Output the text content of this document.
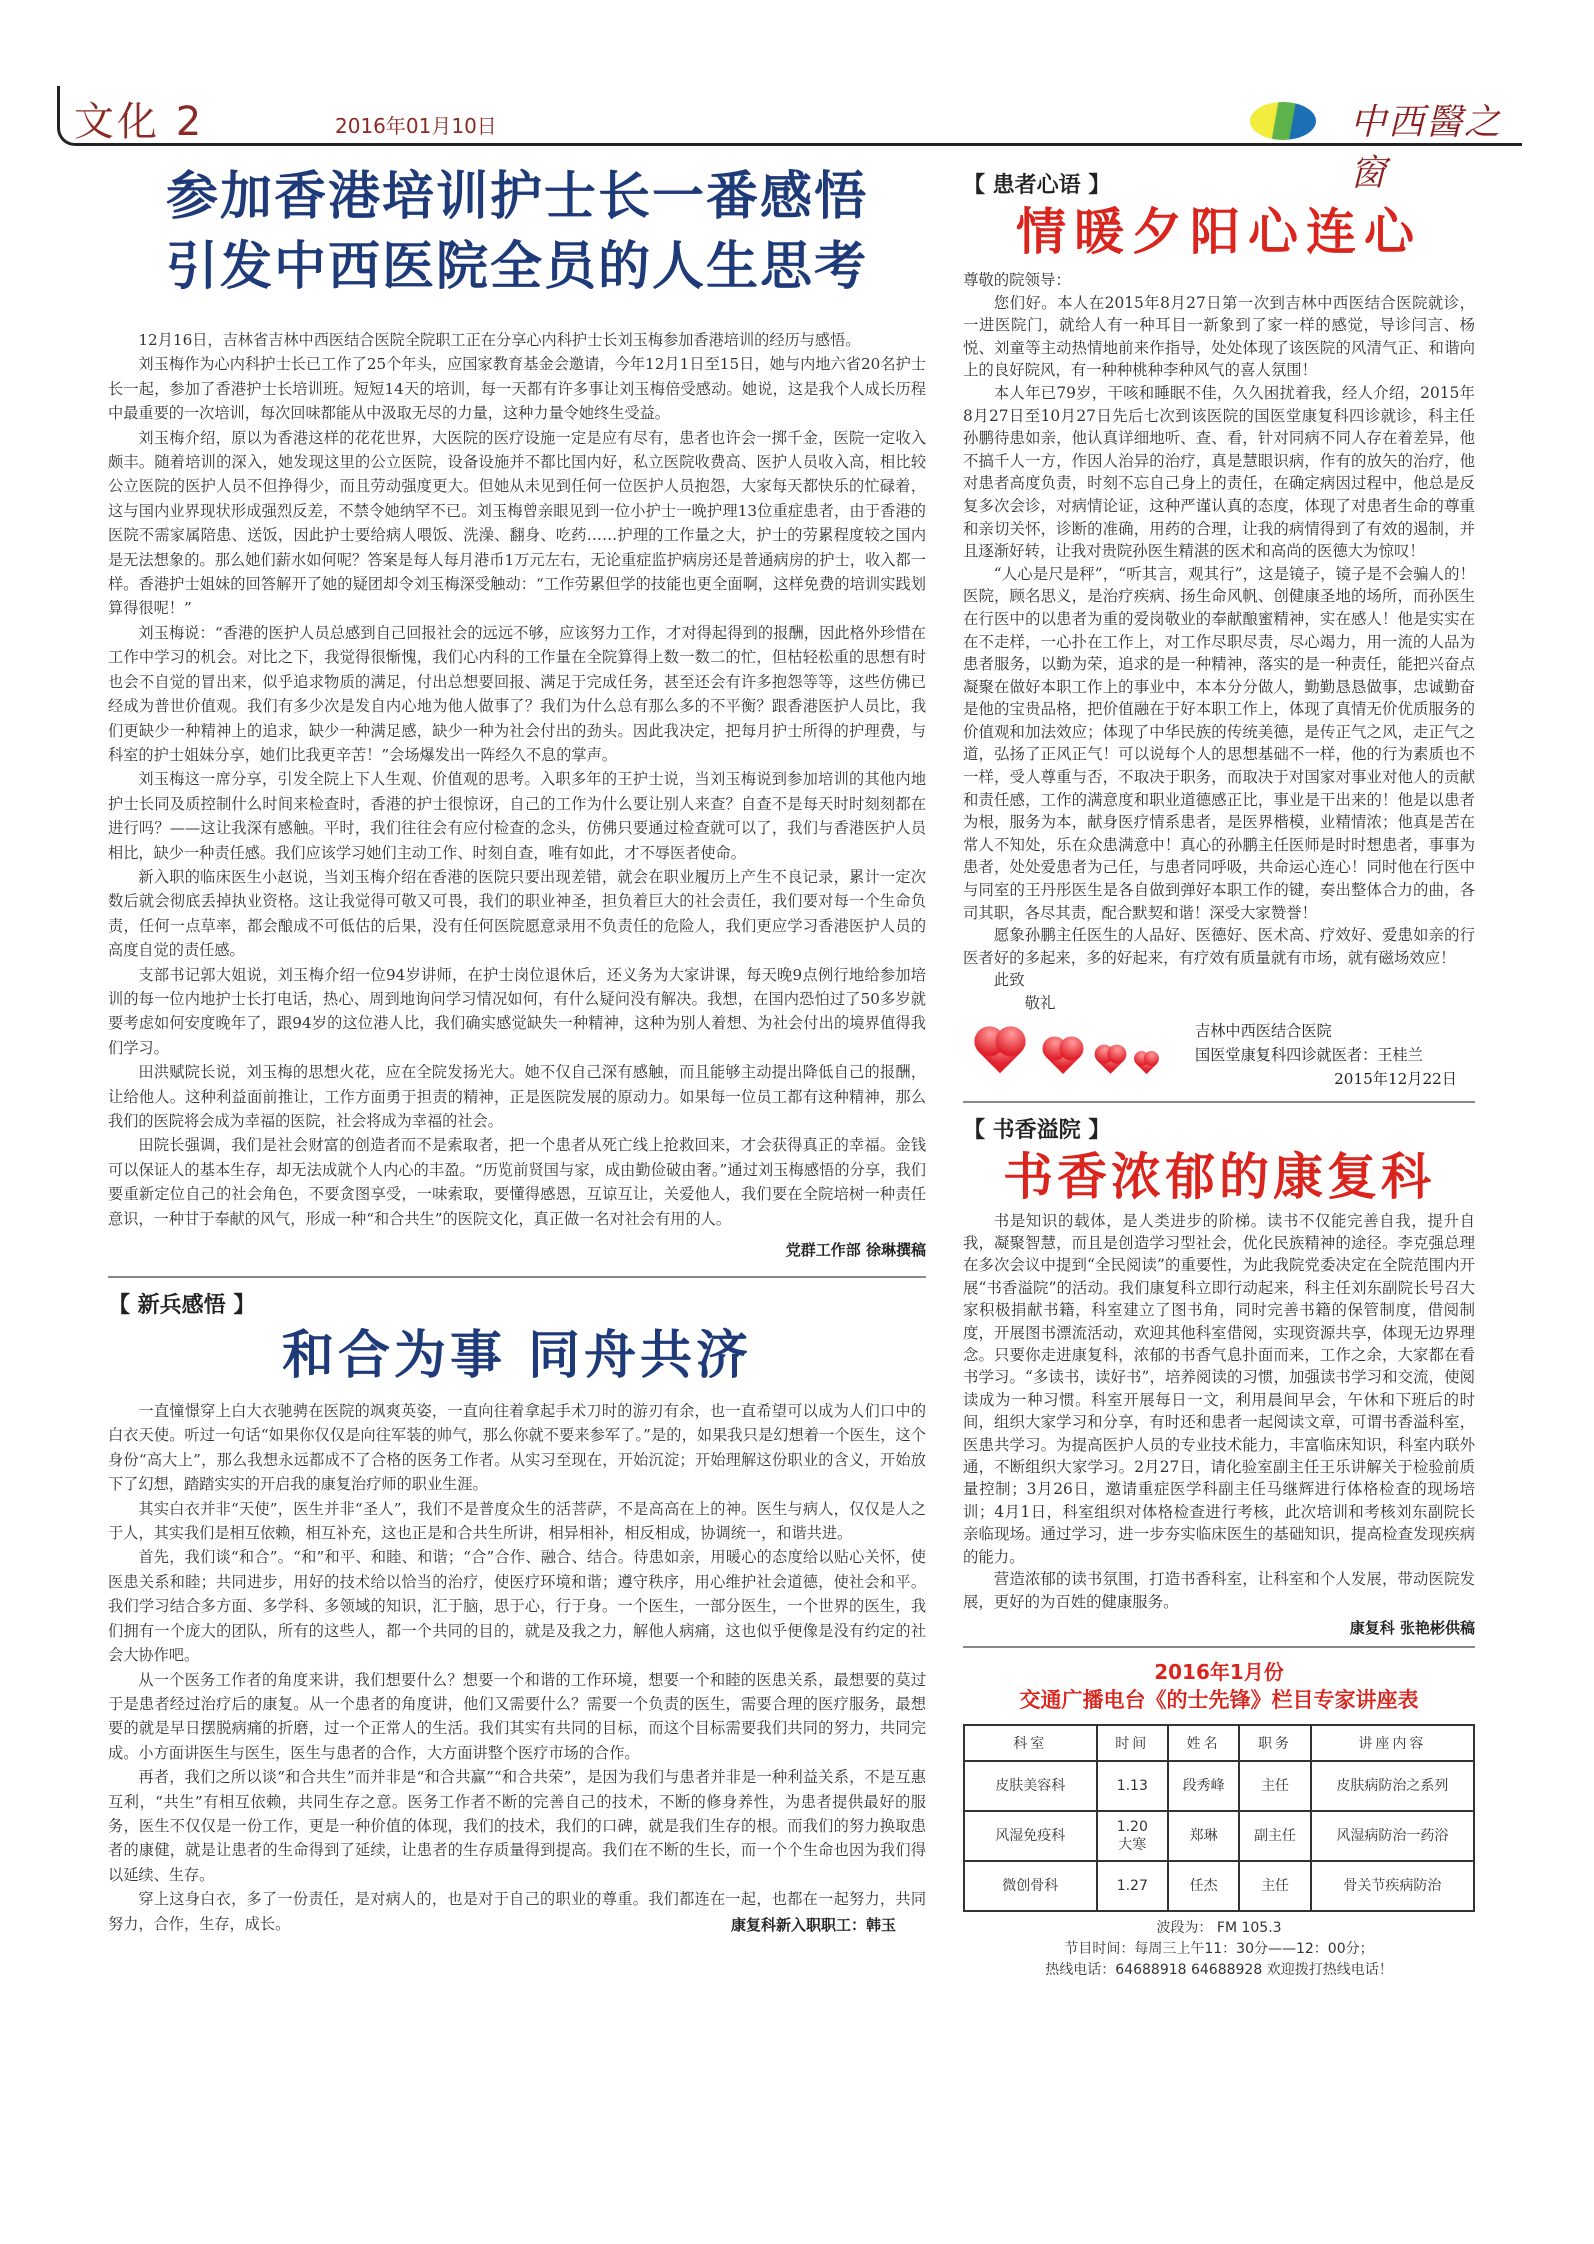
文化 2	2016年01月10日	中西醫之窗
参加香港培训护士长一番感悟
引发中西医院全员的人生思考

12月16日，吉林省吉林中西医结合医院全院职工正在分享心内科护士长刘玉梅参加香港培训的经历与感悟。

刘玉梅作为心内科护士长已工作了25个年头，应国家教育基金会邀请，今年12月1日至15日，她与内地六省20名护士长一起，参加了香港护士长培训班。短短14天的培训，每一天都有许多事让刘玉梅倍受感动。她说，这是我个人成长历程中最重要的一次培训，每次回味都能从中汲取无尽的力量，这种力量令她终生受益。

刘玉梅介绍，原以为香港这样的花花世界，大医院的医疗设施一定是应有尽有，患者也许会一掷千金，医院一定收入颇丰。随着培训的深入，她发现这里的公立医院，设备设施并不都比国内好，私立医院收费高、医护人员收入高，相比较公立医院的医护人员不但挣得少，而且劳动强度更大。但她从未见到任何一位医护人员抱怨，大家每天都快乐的忙碌着，这与国内业界现状形成强烈反差，不禁令她纳罕不已。刘玉梅曾亲眼见到一位小护士一晚护理13位重症患者，由于香港的医院不需家属陪患、送饭，因此护士要给病人喂饭、洗澡、翻身、吃药……护理的工作量之大，护士的劳累程度较之国内是无法想象的。那么她们薪水如何呢？答案是每人每月港币1万元左右，无论重症监护病房还是普通病房的护士，收入都一样。香港护士姐妹的回答解开了她的疑团却令刘玉梅深受触动：“工作劳累但学的技能也更全面啊，这样免费的培训实践划算得很呢！”

刘玉梅说：“香港的医护人员总感到自己回报社会的远远不够，应该努力工作，才对得起得到的报酬，因此格外珍惜在工作中学习的机会。对比之下，我觉得很惭愧，我们心内科的工作量在全院算得上数一数二的忙，但枯轻松重的思想有时也会不自觉的冒出来，似乎追求物质的满足，付出总想要回报、满足于完成任务，甚至还会有许多抱怨等等，这些仿佛已经成为普世价值观。我们有多少次是发自内心地为他人做事了？我们为什么总有那么多的不平衡？跟香港医护人员比，我们更缺少一种精神上的追求，缺少一种满足感，缺少一种为社会付出的劲头。因此我决定，把每月护士所得的护理费，与科室的护士姐妹分享，她们比我更辛苦！”会场爆发出一阵经久不息的掌声。

刘玉梅这一席分享，引发全院上下人生观、价值观的思考。入职多年的王护士说，当刘玉梅说到参加培训的其他内地护士长同及质控制什么时间来检查时，香港的护士很惊讶，自己的工作为什么要让别人来查？自查不是每天时时刻刻都在进行吗？——这让我深有感触。平时，我们往往会有应付检查的念头，仿佛只要通过检查就可以了，我们与香港医护人员相比，缺少一种责任感。我们应该学习她们主动工作、时刻自查，唯有如此，才不辱医者使命。

新入职的临床医生小赵说，当刘玉梅介绍在香港的医院只要出现差错，就会在职业履历上产生不良记录，累计一定次数后就会彻底丢掉执业资格。这让我觉得可敬又可畏，我们的职业神圣，担负着巨大的社会责任，我们要对每一个生命负责，任何一点草率，都会酿成不可低估的后果，没有任何医院愿意录用不负责任的危险人，我们更应学习香港医护人员的高度自觉的责任感。

支部书记郭大姐说，刘玉梅介绍一位94岁讲师，在护士岗位退休后，还义务为大家讲课，每天晚9点例行地给参加培训的每一位内地护士长打电话，热心、周到地询问学习情况如何，有什么疑问没有解决。我想，在国内恐怕过了50多岁就要考虑如何安度晚年了，跟94岁的这位港人比，我们确实感觉缺失一种精神，这种为别人着想、为社会付出的境界值得我们学习。

田洪赋院长说，刘玉梅的思想火花，应在全院发扬光大。她不仅自己深有感触，而且能够主动提出降低自己的报酬，让给他人。这种利益面前推让，工作方面勇于担责的精神，正是医院发展的原动力。如果每一位员工都有这种精神，那么我们的医院将会成为幸福的医院，社会将成为幸福的社会。

田院长强调，我们是社会财富的创造者而不是索取者，把一个患者从死亡线上抢救回来，才会获得真正的幸福。金钱可以保证人的基本生存，却无法成就个人内心的丰盈。“历览前贤国与家，成由勤俭破由奢。”通过刘玉梅感悟的分享，我们要重新定位自己的社会角色，不要贪图享受，一味索取，要懂得感恩，互谅互让，关爱他人，我们要在全院培树一种责任意识，一种甘于奉献的风气，形成一种“和合共生”的医院文化，真正做一名对社会有用的人。

党群工作部 徐琳撰稿
【 新兵感悟 】
和合为事 同舟共济

一直憧憬穿上白大衣驰骋在医院的飒爽英姿，一直向往着拿起手术刀时的游刃有余，也一直希望可以成为人们口中的白衣天使。听过一句话“如果你仅仅是向往军装的帅气，那么你就不要来参军了。”是的，如果我只是幻想着一个医生，这个身份“高大上”，那么我想永远都成不了合格的医务工作者。从实习至现在，开始沉淀；开始理解这份职业的含义，开始放下了幻想，踏踏实实的开启我的康复治疗师的职业生涯。

其实白衣并非“天使”，医生并非“圣人”，我们不是普度众生的活菩萨，不是高高在上的神。医生与病人，仅仅是人之于人，其实我们是相互依赖，相互补充，这也正是和合共生所讲，相异相补，相反相成，协调统一，和谐共进。

首先，我们谈“和合”。“和”和平、和睦、和谐；“合”合作、融合、结合。待患如亲，用暖心的态度给以贴心关怀，使医患关系和睦；共同进步，用好的技术给以恰当的治疗，使医疗环境和谐；遵守秩序，用心维护社会道德，使社会和平。我们学习结合多方面、多学科、多领域的知识，汇于脑，思于心，行于身。一个医生，一部分医生，一个世界的医生，我们拥有一个庞大的团队，所有的这些人，都一个共同的目的，就是及我之力，解他人病痛，这也似乎便像是没有约定的社会大协作吧。

从一个医务工作者的角度来讲，我们想要什么？想要一个和谐的工作环境，想要一个和睦的医患关系，最想要的莫过于是患者经过治疗后的康复。从一个患者的角度讲，他们又需要什么？需要一个负责的医生，需要合理的医疗服务，最想要的就是早日摆脱病痛的折磨，过一个正常人的生活。我们其实有共同的目标，而这个目标需要我们共同的努力，共同完成。小方面讲医生与医生，医生与患者的合作，大方面讲整个医疗市场的合作。

再者，我们之所以谈“和合共生”而并非是“和合共赢”“和合共荣”，是因为我们与患者并非是一种利益关系，不是互惠互利，“共生”有相互依赖，共同生存之意。医务工作者不断的完善自己的技术，不断的修身养性，为患者提供最好的服务，医生不仅仅是一份工作，更是一种价值的体现，我们的技术，我们的口碑，就是我们生存的根。而我们的努力换取患者的康健，就是让患者的生命得到了延续，让患者的生存质量得到提高。我们在不断的生长，而一个个生命也因为我们得以延续、生存。

穿上这身白衣，多了一份责任，是对病人的，也是对于自己的职业的尊重。我们都连在一起，也都在一起努力，共同努力，合作，生存，成长。	康复科新入职职工：韩玉
【 患者心语 】
情暖夕阳心连心

尊敬的院领导：

您们好。本人在2015年8月27日第一次到吉林中西医结合医院就诊，一进医院门，就给人有一种耳目一新象到了家一样的感觉，导诊闫言、杨悦、刘童等主动热情地前来作指导，处处体现了该医院的风清气正、和谐向上的良好院风，有一种种桃种李种风气的喜人氛围！

本人年已79岁，干咳和睡眠不佳，久久困扰着我，经人介绍，2015年8月27日至10月27日先后七次到该医院的国医堂康复科四诊就诊，科主任孙鹏待患如亲，他认真详细地听、查、看，针对同病不同人存在着差异，他不搞千人一方，作因人治异的治疗，真是慧眼识病，作有的放矢的治疗，他对患者高度负责，时刻不忘自己身上的责任，在确定病因过程中，他总是反复多次会诊，对病情论证，这种严谨认真的态度，体现了对患者生命的尊重和亲切关怀，诊断的准确，用药的合理，让我的病情得到了有效的遏制，并且逐渐好转，让我对贵院孙医生精湛的医术和高尚的医德大为惊叹！

“人心是尺是秤”，“听其言，观其行”，这是镜子，镜子是不会骗人的！医院，顾名思义，是治疗疾病、扬生命风帆、创健康圣地的场所，而孙医生在行医中的以患者为重的爱岗敬业的奉献酿蜜精神，实在感人！他是实实在在不走样，一心扑在工作上，对工作尽职尽责，尽心竭力，用一流的人品为患者服务，以勤为荣，追求的是一种精神，落实的是一种责任，能把兴奋点凝聚在做好本职工作上的事业中，本本分分做人，勤勤恳恳做事，忠诚勤奋是他的宝贵品格，把价值融在于好本职工作上，体现了真情无价优质服务的价值观和加法效应；体现了中华民族的传统美德，是传正气之风，走正气之道，弘扬了正风正气！可以说每个人的思想基础不一样，他的行为素质也不一样，受人尊重与否，不取决于职务，而取决于对国家对事业对他人的贡献和责任感，工作的满意度和职业道德感正比，事业是干出来的！他是以患者为根，服务为本，献身医疗情系患者，是医界楷模，业精情浓；他真是苦在常人不知处，乐在众患满意中！真心的孙鹏主任医师是时时想患者，事事为患者，处处爱患者为己任，与患者同呼吸，共命运心连心！同时他在行医中与同室的王丹彤医生是各自做到弹好本职工作的键，奏出整体合力的曲，各司其职，各尽其责，配合默契和谐！深受大家赞誉！

愿象孙鹏主任医生的人品好、医德好、医术高、疗效好、爱患如亲的行医者好的多起来，多的好起来，有疗效有质量就有市场，就有磁场效应！

此致
敬礼
吉林中西医结合医院
国医堂康复科四诊就医者：王桂兰
2015年12月22日
【 书香溢院 】
书香浓郁的康复科

书是知识的载体，是人类进步的阶梯。读书不仅能完善自我，提升自我，凝聚智慧，而且是创造学习型社会，优化民族精神的途径。李克强总理在多次会议中提到“全民阅读”的重要性，为此我院党委决定在全院范围内开展“书香溢院”的活动。我们康复科立即行动起来，科主任刘东副院长号召大家积极捐献书籍，科室建立了图书角，同时完善书籍的保管制度，借阅制度，开展图书漂流活动，欢迎其他科室借阅，实现资源共享，体现无边界理念。只要你走进康复科，浓郁的书香气息扑面而来，工作之余，大家都在看书学习。“多读书，读好书”，培养阅读的习惯，加强读书学习和交流，使阅读成为一种习惯。科室开展每日一文，利用晨间早会，午休和下班后的时间，组织大家学习和分享，有时还和患者一起阅读文章，可谓书香溢科室，医患共学习。为提高医护人员的专业技术能力，丰富临床知识，科室内联外通，不断组织大家学习。2月27日，请化验室副主任王乐讲解关于检验前质量控制；3月26日，邀请重症医学科副主任马继辉进行体格检查的现场培训；4月1日，科室组织对体格检查进行考核，此次培训和考核刘东副院长亲临现场。通过学习，进一步夯实临床医生的基础知识，提高检查发现疾病的能力。

营造浓郁的读书氛围，打造书香科室，让科室和个人发展，带动医院发展，更好的为百姓的健康服务。

康复科 张艳彬供稿
2016年1月份
交通广播电台《的士先锋》栏目专家讲座表
科室	时间	姓名	职务	讲座内容
皮肤美容科	1.13	段秀峰	主任	皮肤病防治之系列
风湿免疫科	1.20 大寒	郑琳	副主任	风湿病防治一药浴
微创骨科	1.27	任杰	主任	骨关节疾病防治
波段为： FM 105.3
节目时间：每周三上午11：30分——12：00分；
热线电话：64688918 64688928 欢迎拨打热线电话！
